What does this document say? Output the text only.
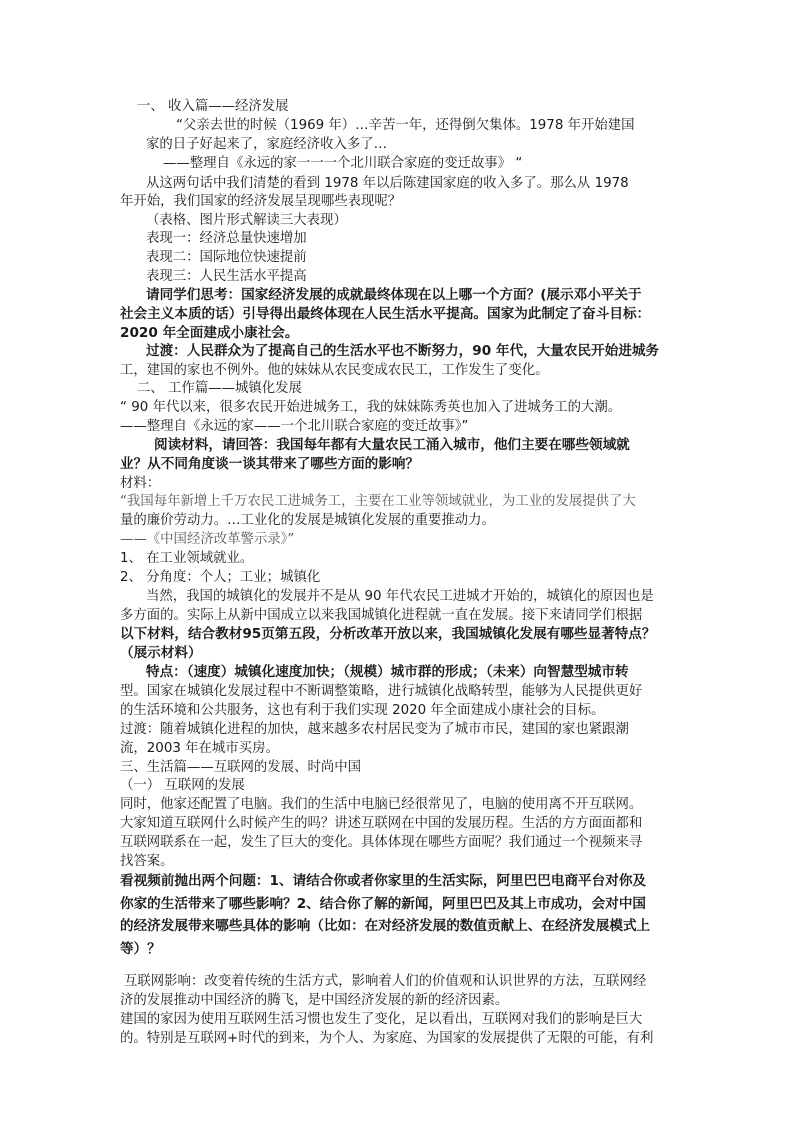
一、 收入篇——经济发展

“父亲去世的时候（1969 年）…辛苦一年，还得倒欠集体。1978 年开始建国

家的日子好起来了，家庭经济收入多了…

——整理自《永远的家一一一个北川联合家庭的变迁故事》 “

从这两句话中我们清楚的看到 1978 年以后陈建国家庭的收入多了。那么从 1978

年开始，我们国家的经济发展呈现哪些表现呢？

（表格、图片形式解读三大表现）

表现一：经济总量快速增加

表现二：国际地位快速提前

表现三：人民生活水平提高

请同学们思考：国家经济发展的成就最终体现在以上哪一个方面？(展示邓小平关于

社会主义本质的话）引导得出最终体现在人民生活水平提高。国家为此制定了奋斗目标：

2020 年全面建成小康社会。

过渡：人民群众为了提高自己的生活水平也不断努力，90 年代，大量农民开始进城务

工，建国的家也不例外。他的妹妹从农民变成农民工，工作发生了变化。

二、 工作篇——城镇化发展

“ 90 年代以来，很多农民开始进城务工，我的妹妹陈秀英也加入了进城务工的大潮。

——整理自《永远的家——一个北川联合家庭的变迁故事》”

阅读材料，请回答：我国每年都有大量农民工涌入城市，他们主要在哪些领域就

业？从不同角度谈一谈其带来了哪些方面的影响？

材料：

“我国每年新增上千万农民工进城务工，主要在工业等领域就业，为工业的发展提供了大

量的廉价劳动力。…工业化的发展是城镇化发展的重要推动力。

——《中国经济改革警示录》”

1、 在工业领域就业。

2、 分角度：个人；工业；城镇化

当然，我国的城镇化的发展并不是从 90 年代农民工进城才开始的，城镇化的原因也是

多方面的。实际上从新中国成立以来我国城镇化进程就一直在发展。接下来请同学们根据

以下材料，结合教材95页第五段，分析改革开放以来，我国城镇化发展有哪些显著特点？

（展示材料）

特点：（速度）城镇化速度加快；（规模）城市群的形成；（未来）向智慧型城市转

型。国家在城镇化发展过程中不断调整策略，进行城镇化战略转型，能够为人民提供更好

的生活环境和公共服务，这也有利于我们实现 2020 年全面建成小康社会的目标。

过渡：随着城镇化进程的加快，越来越多农村居民变为了城市市民，建国的家也紧跟潮

流，2003 年在城市买房。

三、生活篇——互联网的发展、时尚中国

（一） 互联网的发展

同时，他家还配置了电脑。我们的生活中电脑已经很常见了，电脑的使用离不开互联网。

大家知道互联网什么时候产生的吗？讲述互联网在中国的发展历程。生活的方方面面都和

互联网联系在一起，发生了巨大的变化。具体体现在哪些方面呢？我们通过一个视频来寻

找答案。

看视频前抛出两个问题：1、请结合你或者你家里的生活实际，阿里巴巴电商平台对你及

你家的生活带来了哪些影响？2、结合你了解的新闻，阿里巴巴及其上市成功，会对中国

的经济发展带来哪些具体的影响（比如：在对经济发展的数值贡献上、在经济发展模式上

等）？

互联网影响：改变着传统的生活方式，影响着人们的价值观和认识世界的方法，互联网经

济的发展推动中国经济的腾飞，是中国经济发展的新的经济因素。

建国的家因为使用互联网生活习惯也发生了变化，足以看出，互联网对我们的影响是巨大

的。特别是互联网+时代的到来，为个人、为家庭、为国家的发展提供了无限的可能，有利
